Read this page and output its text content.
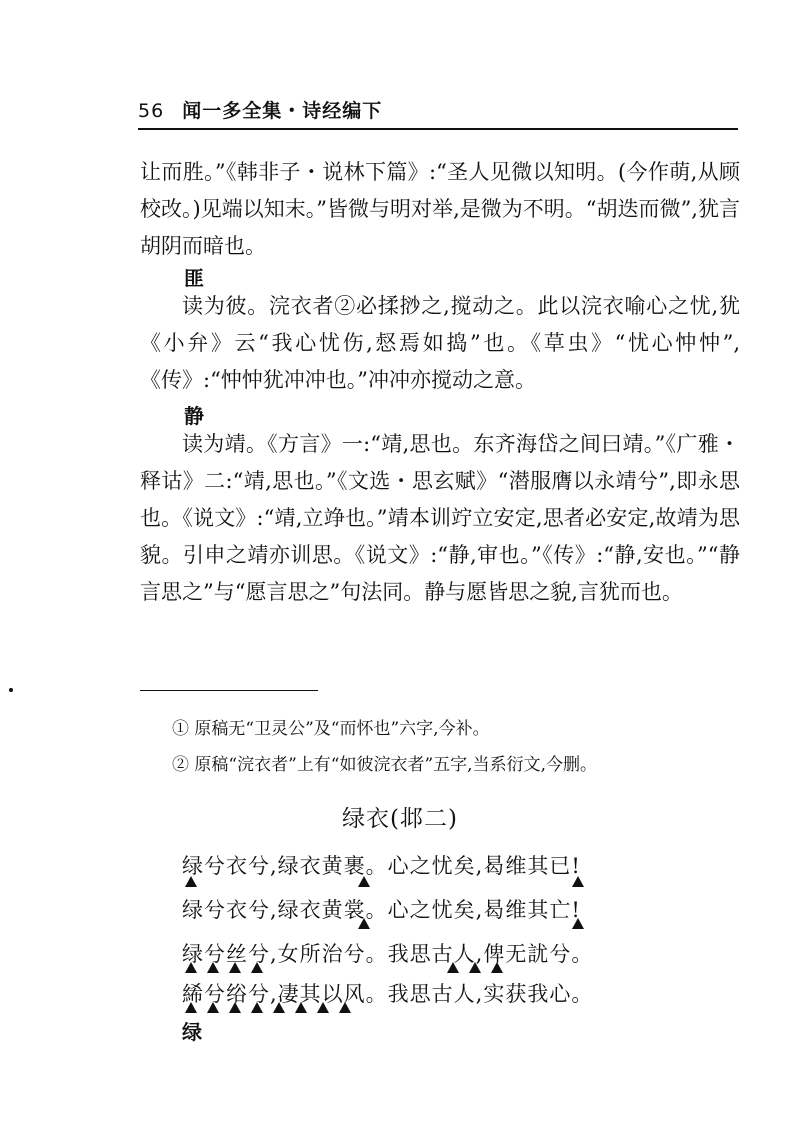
56 闻一多全集・诗经编下

让而胜。”《韩非子・说林下篇》:“圣人见微以知明。(今作萌,从顾校改。)见端以知末。”皆微与明对举,是微为不明。“胡迭而微”,犹言胡阴而暗也。

匪

读为彼。浣衣者②必揉挱之,搅动之。此以浣衣喻心之忧,犹《小弁》云“我心忧伤,惄焉如捣”也。《草虫》“忧心忡忡”,《传》:“忡忡犹冲冲也。”冲冲亦搅动之意。

静

读为靖。《方言》一:“靖,思也。东齐海岱之间曰靖。”《广雅・释诂》二:“靖,思也。”《文选・思玄赋》“潜服膺以永靖兮”,即永思也。《说文》:“靖,立竫也。”靖本训竚立安定,思者必安定,故靖为思貌。引申之靖亦训思。《说文》:“静,审也。”《传》:“静,安也。”“静言思之”与“愿言思之”句法同。静与愿皆思之貌,言犹而也。

① 原稿无“卫灵公”及“而怀也”六字,今补。
② 原稿“浣衣者”上有“如彼浣衣者”五字,当系衍文,今删。
绿衣(邶二)
绿兮衣兮,绿衣黄裹。心之忧矣,曷维其已!
绿兮衣兮,绿衣黄裳。心之忧矣,曷维其亡!
绿兮丝兮,女所治兮。我思古人,俾无訧兮。
絺兮绤兮,凄其以风。我思古人,实获我心。
绿
